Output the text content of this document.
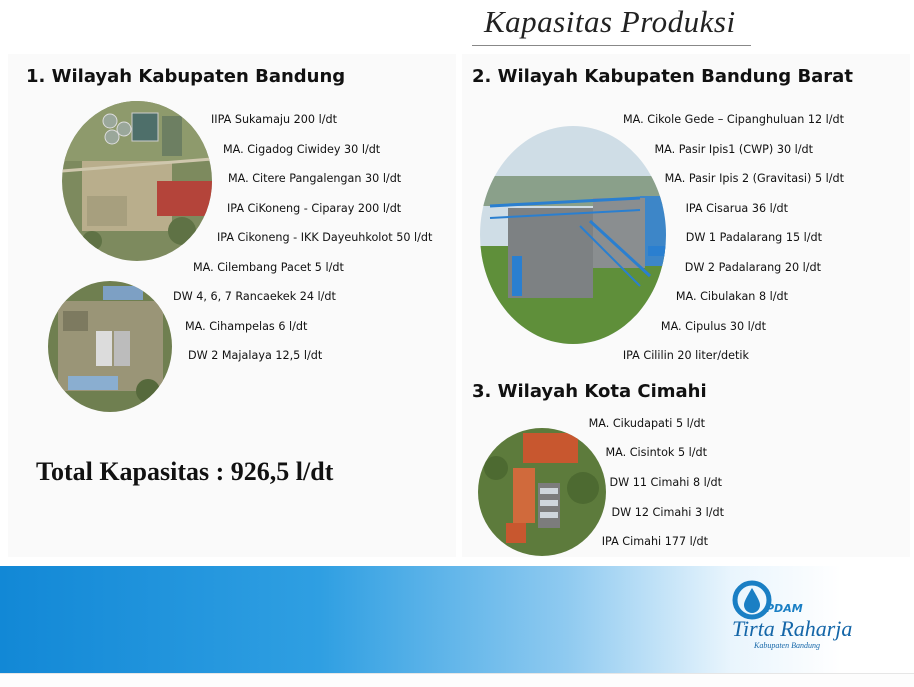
Kapasitas Produksi
1. Wilayah Kabupaten Bandung
IIPA Sukamaju 200 l/dt
MA. Cigadog Ciwidey 30 l/dt
MA. Citere Pangalengan 30 l/dt
IPA CiKoneng - Ciparay 200 l/dt
IPA Cikoneng - IKK Dayeuhkolot 50 l/dt
MA. Cilembang Pacet 5 l/dt
DW 4, 6, 7 Rancaekek 24 l/dt
MA. Cihampelas 6 l/dt
DW 2 Majalaya 12,5 l/dt
Total Kapasitas : 926,5 l/dt
2. Wilayah Kabupaten Bandung Barat
MA. Cikole Gede – Cipanghuluan 12 l/dt
MA. Pasir Ipis1 (CWP) 30 l/dt
MA. Pasir Ipis 2 (Gravitasi) 5 l/dt
IPA Cisarua 36 l/dt
DW 1 Padalarang 15 l/dt
DW 2 Padalarang 20 l/dt
MA. Cibulakan 8 l/dt
MA. Cipulus 30 l/dt
IPA Cililin 20 liter/detik
3. Wilayah Kota Cimahi
MA. Cikudapati 5 l/dt
MA. Cisintok 5 l/dt
DW 11 Cimahi 8 l/dt
DW 12 Cimahi 3 l/dt
IPA Cimahi 177 l/dt
PDAM
Tirta Raharja
Kabupaten Bandung
